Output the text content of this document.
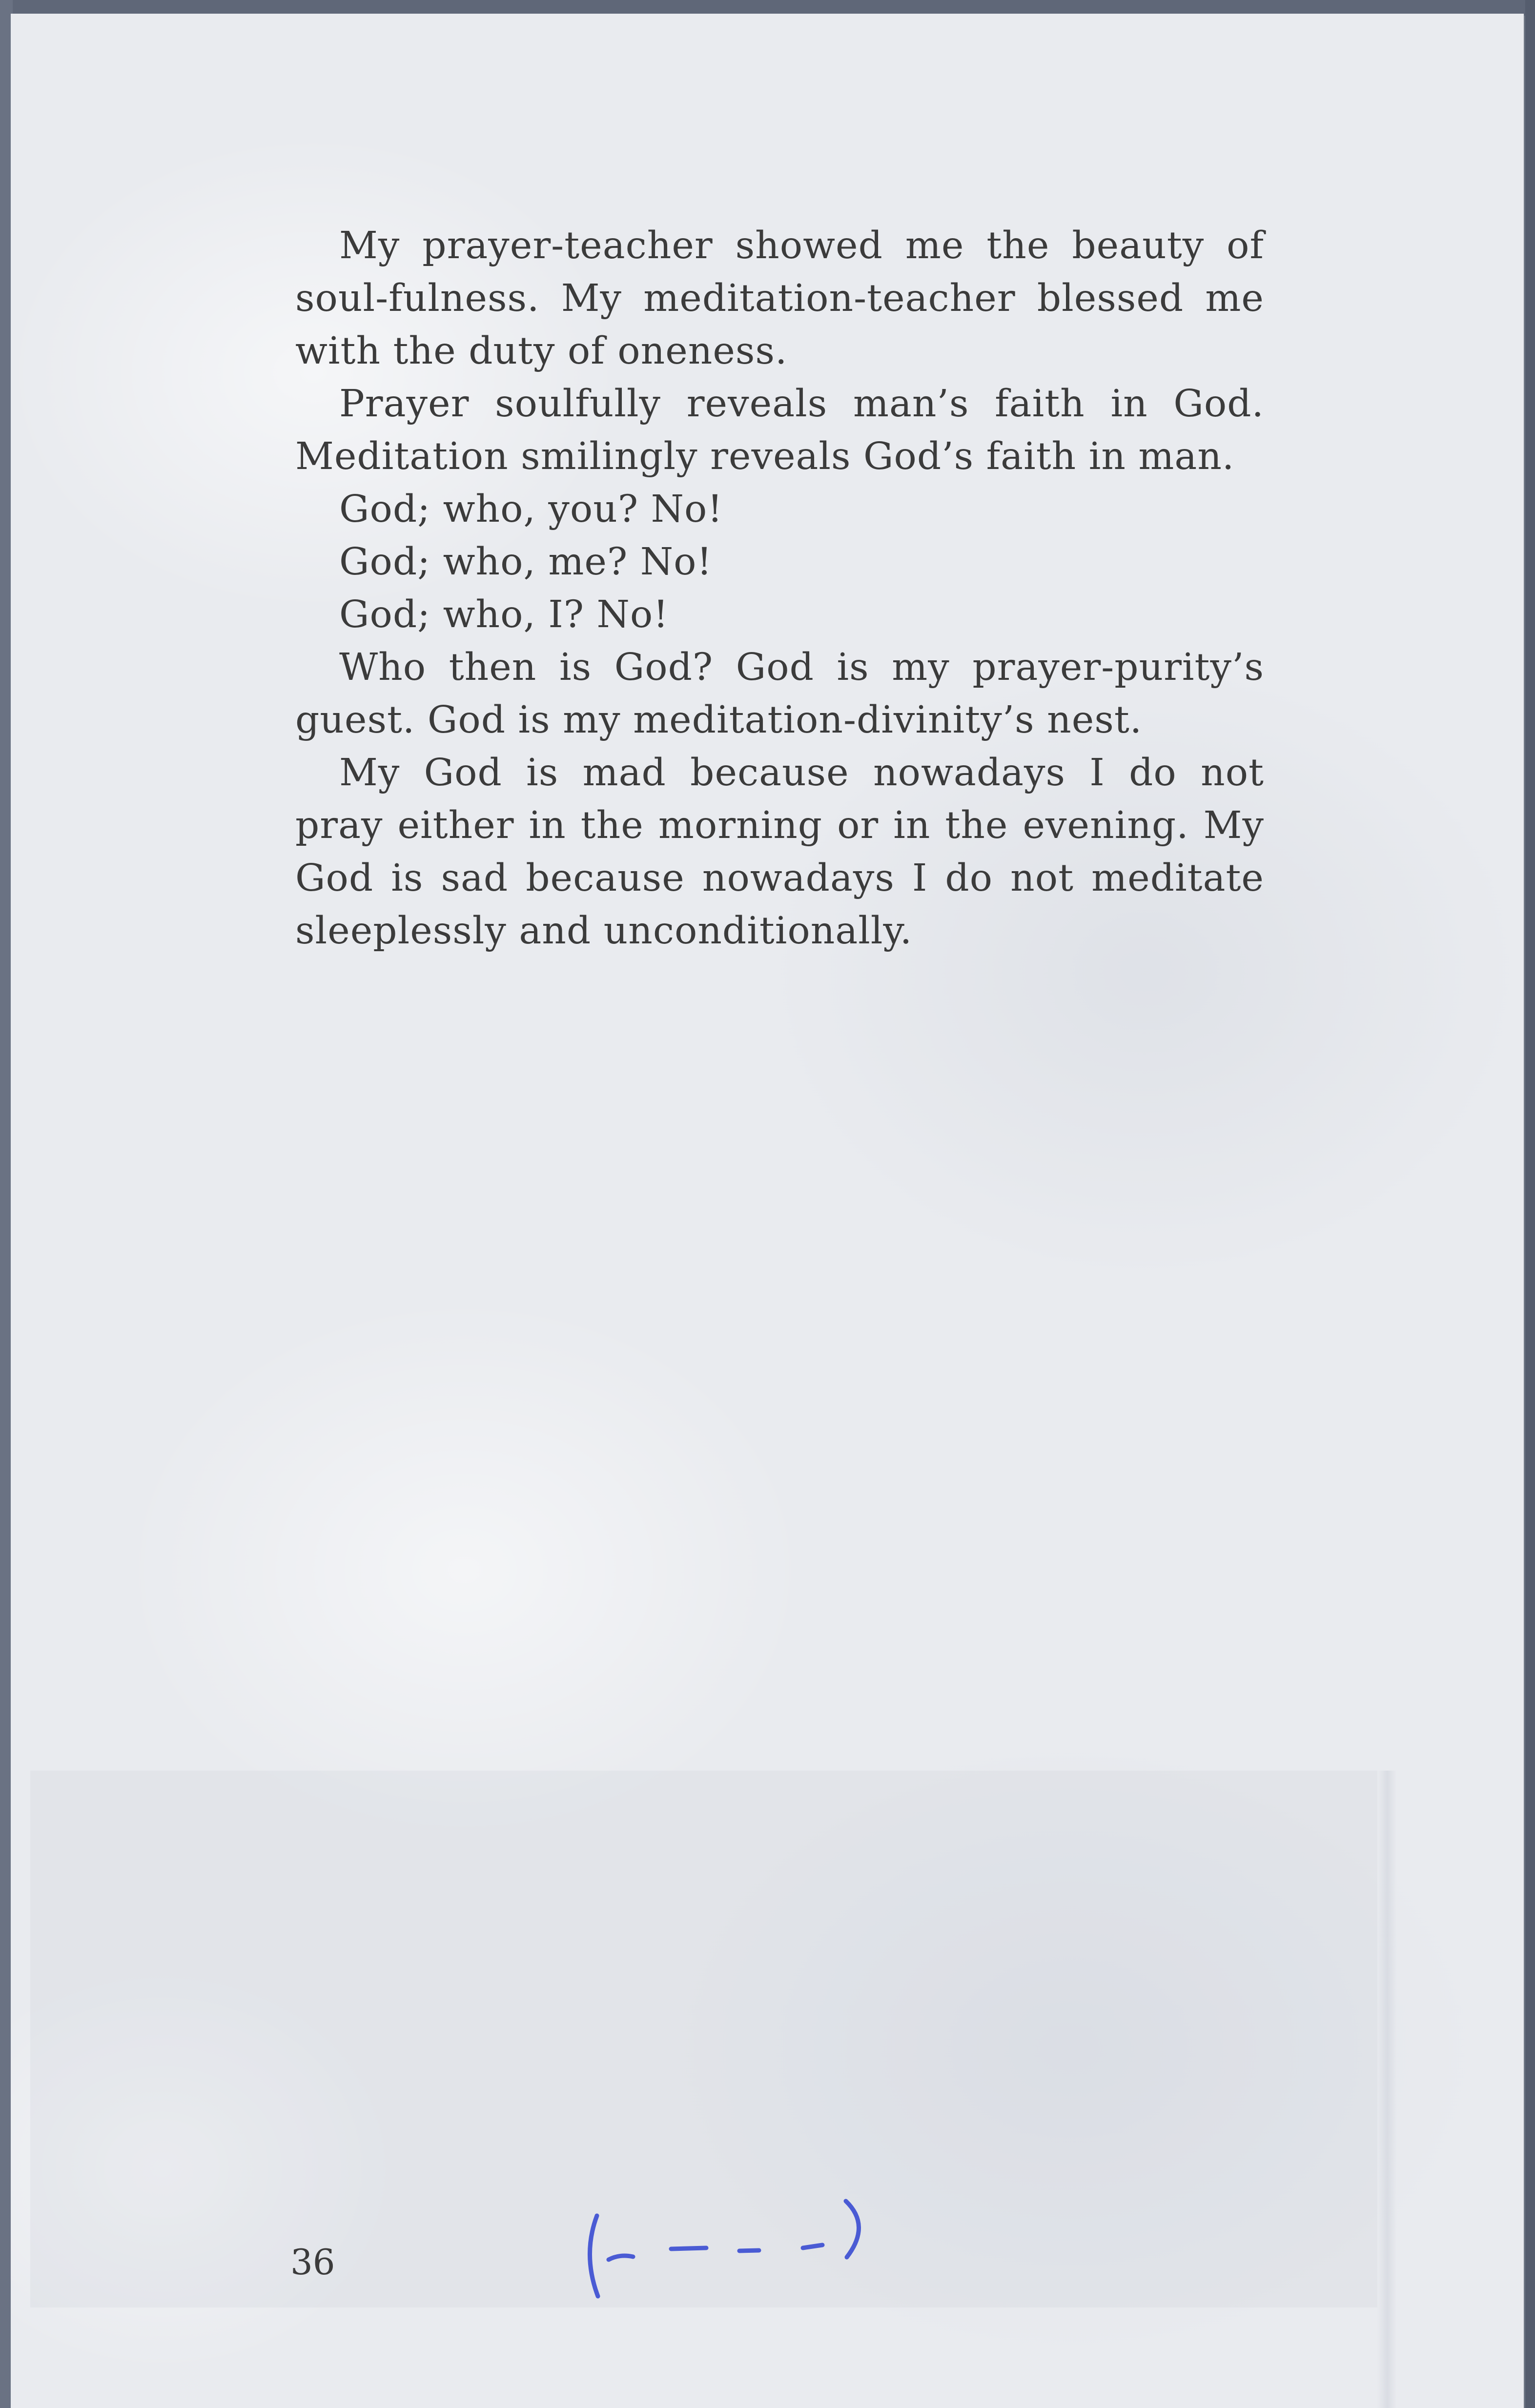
My prayer-teacher showed me the beauty of soul-fulness. My meditation-teacher blessed me with the duty of oneness.

Prayer soulfully reveals man’s faith in God. Meditation smilingly reveals God’s faith in man.

God; who, you? No!

God; who, me? No!

God; who, I? No!

Who then is God? God is my prayer-purity’s guest. God is my meditation-divinity’s nest.

My God is mad because nowadays I do not pray either in the morning or in the evening. My God is sad because nowadays I do not meditate sleeplessly and unconditionally.

36
